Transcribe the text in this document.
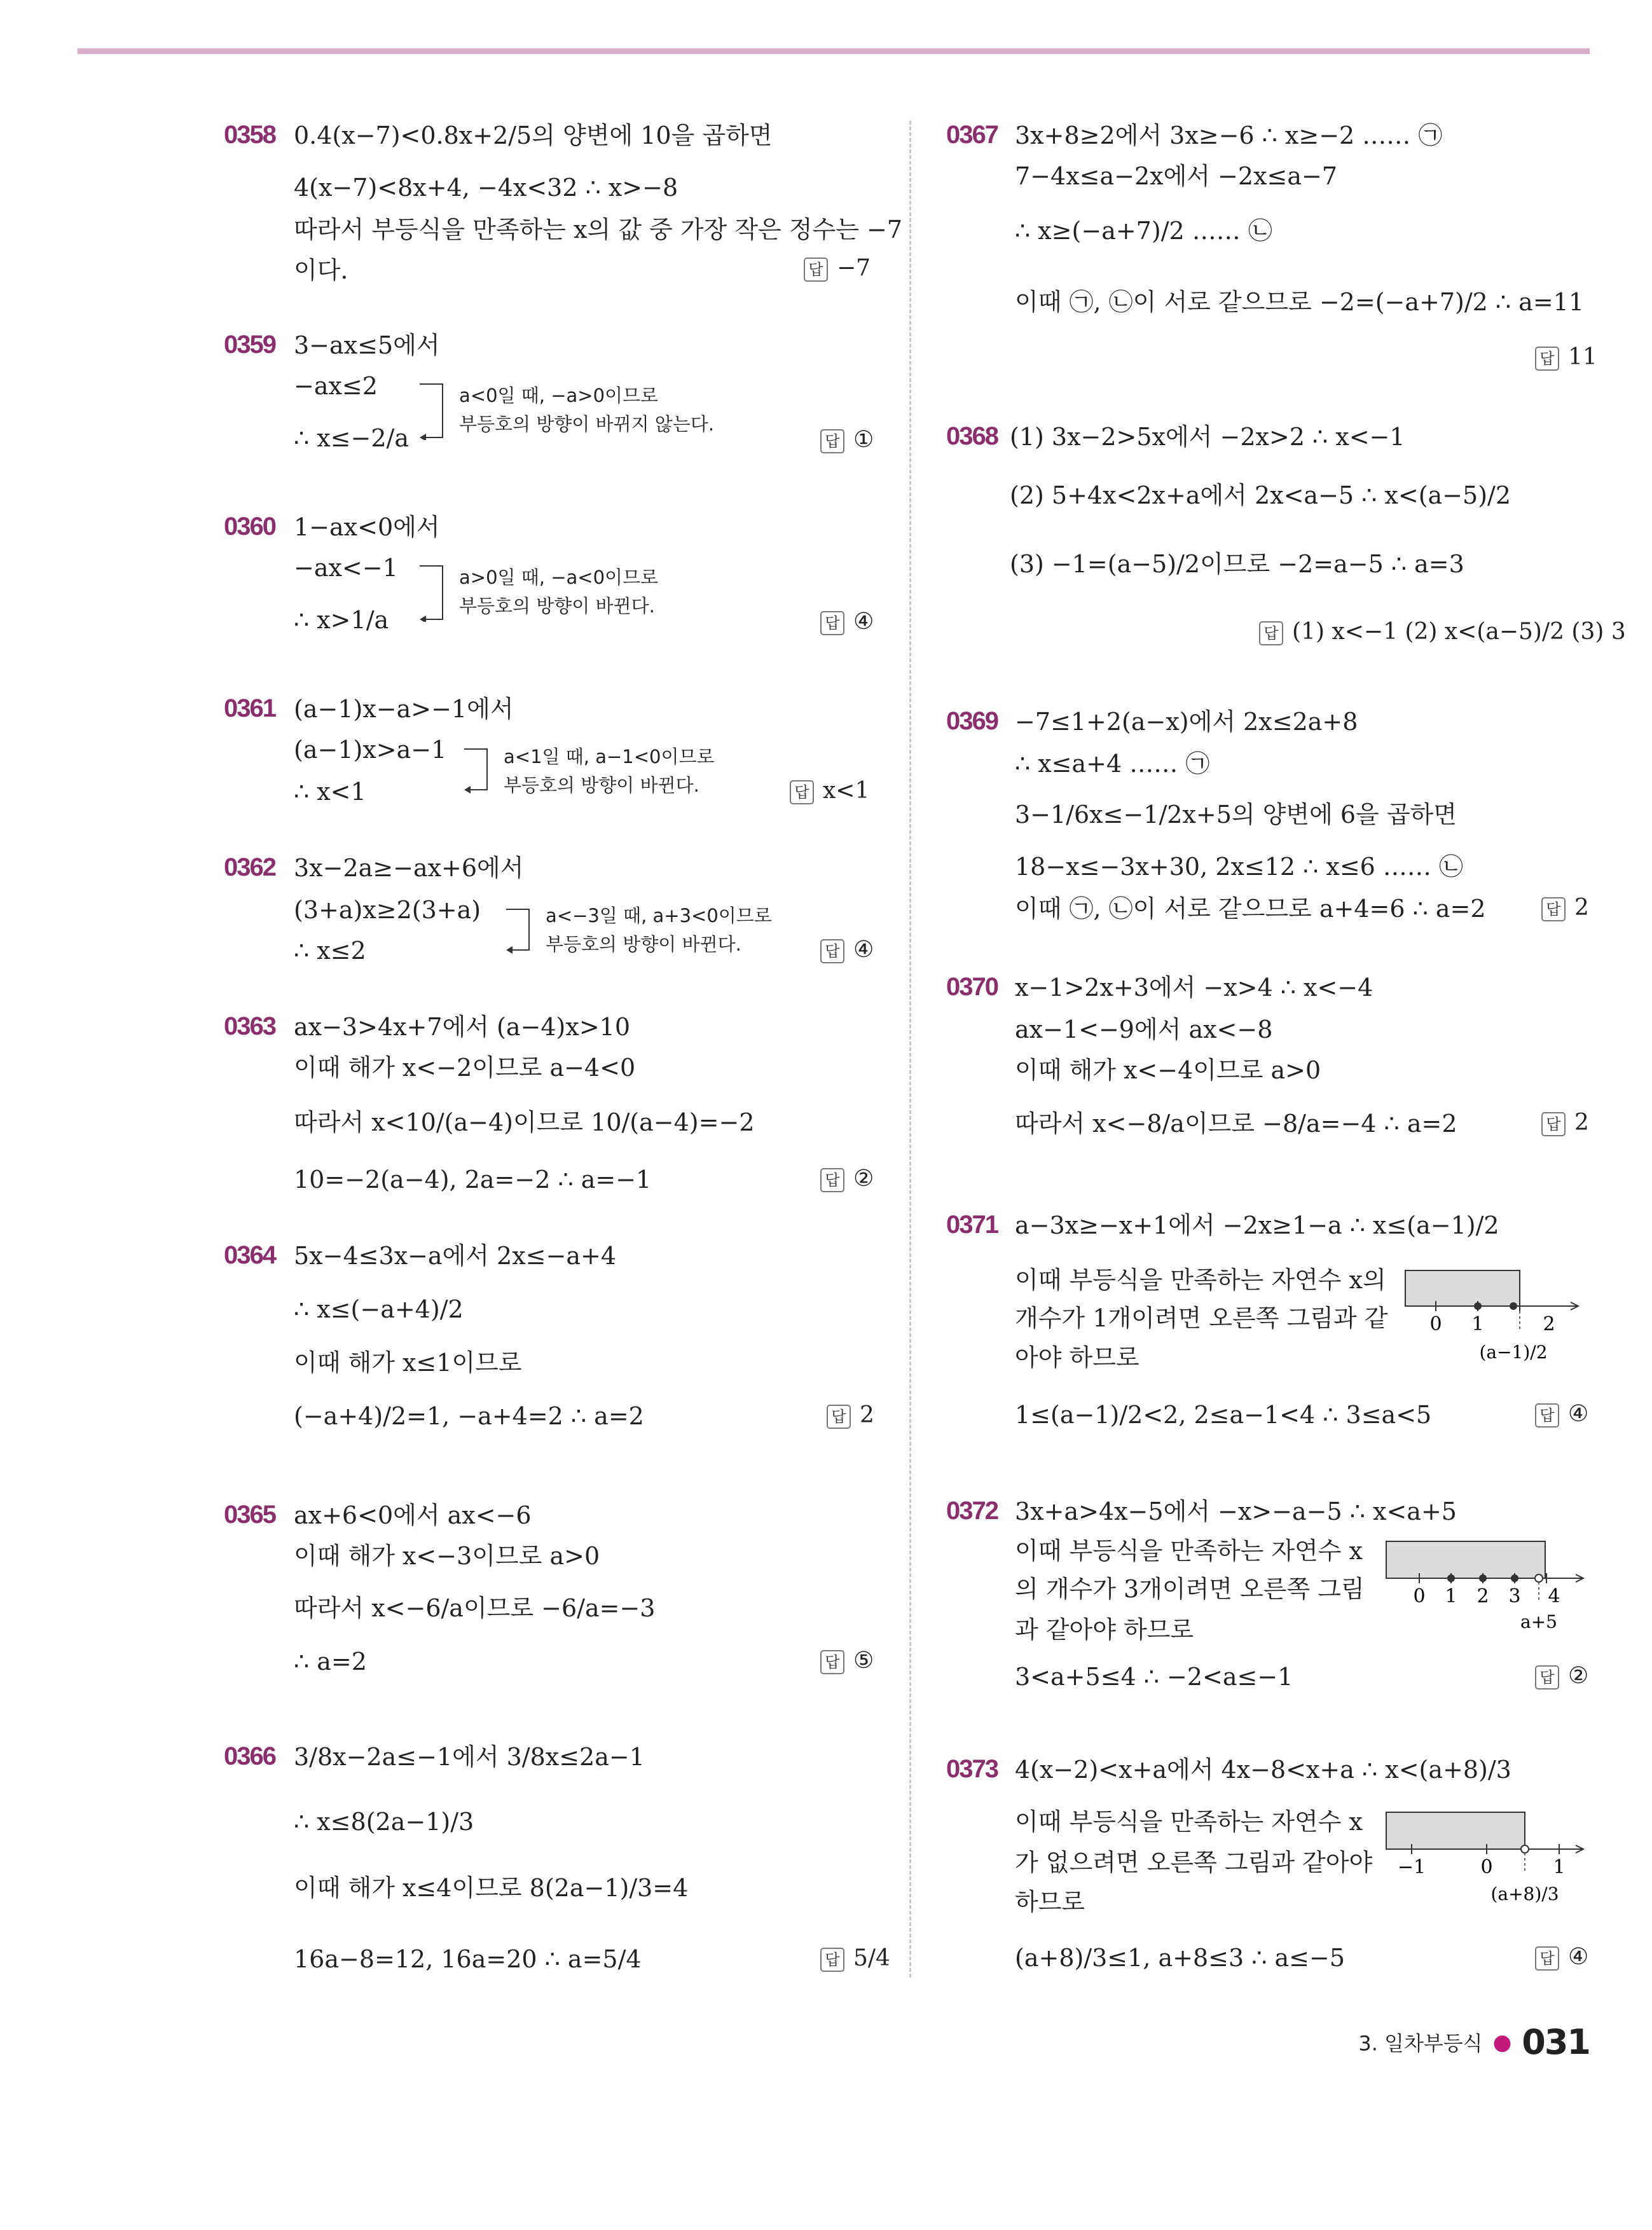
0358 0.4(x−7)<0.8x+2/5의 양변에 10을 곱하면
4(x−7)<8x+4, −4x<32 ∴ x>−8
따라서 부등식을 만족하는 x의 값 중 가장 작은 정수는 −7
이다.	답 −7
0359 3−ax≤5에서
−ax≤2
∴ x≤−2/a
a<0일 때, −a>0이므로
부등호의 방향이 바뀌지 않는다.
답 ①
0360 1−ax<0에서
−ax<−1
∴ x>1/a
a>0일 때, −a<0이므로
부등호의 방향이 바뀐다.
답 ④
0361 (a−1)x−a>−1에서
(a−1)x>a−1
∴ x<1
a<1일 때, a−1<0이므로
부등호의 방향이 바뀐다.	답 x<1
0362 3x−2a≥−ax+6에서
(3+a)x≥2(3+a)
∴ x≤2
a<−3일 때, a+3<0이므로
부등호의 방향이 바뀐다.	답 ④
0363 ax−3>4x+7에서 (a−4)x>10
이때 해가 x<−2이므로 a−4<0
따라서 x<10/(a−4)이므로 10/(a−4)=−2
10=−2(a−4), 2a=−2 ∴ a=−1	답 ②
0364 5x−4≤3x−a에서 2x≤−a+4
∴ x≤(−a+4)/2
이때 해가 x≤1이므로
(−a+4)/2=1, −a+4=2 ∴ a=2	답 2
0365 ax+6<0에서 ax<−6
이때 해가 x<−3이므로 a>0
따라서 x<−6/a이므로 −6/a=−3
∴ a=2	답 ⑤
0366 3/8x−2a≤−1에서 3/8x≤2a−1
∴ x≤8(2a−1)/3
이때 해가 x≤4이므로 8(2a−1)/3=4
16a−8=12, 16a=20 ∴ a=5/4	답 5/4
0367 3x+8≥2에서 3x≥−6 ∴ x≥−2 …… ㉠
7−4x≤a−2x에서 −2x≤a−7
∴ x≥(−a+7)/2 …… ㉡
이때 ㉠, ㉡이 서로 같으므로 −2=(−a+7)/2 ∴ a=11
답 11
0368 (1) 3x−2>5x에서 −2x>2 ∴ x<−1
(2) 5+4x<2x+a에서 2x<a−5 ∴ x<(a−5)/2
(3) −1=(a−5)/2이므로 −2=a−5 ∴ a=3
답 (1) x<−1 (2) x<(a−5)/2 (3) 3
0369 −7≤1+2(a−x)에서 2x≤2a+8
∴ x≤a+4 …… ㉠
3−1/6x≤−1/2x+5의 양변에 6을 곱하면
18−x≤−3x+30, 2x≤12 ∴ x≤6 …… ㉡
이때 ㉠, ㉡이 서로 같으므로 a+4=6 ∴ a=2	답 2
0370 x−1>2x+3에서 −x>4 ∴ x<−4
ax−1<−9에서 ax<−8
이때 해가 x<−4이므로 a>0
따라서 x<−8/a이므로 −8/a=−4 ∴ a=2	답 2
0371 a−3x≥−x+1에서 −2x≥1−a ∴ x≤(a−1)/2
이때 부등식을 만족하는 자연수 x의
개수가 1개이려면 오른쪽 그림과 같
아야 하므로
1≤(a−1)/2<2, 2≤a−1<4 ∴ 3≤a<5
0 1	2
(a−1)/2
답 ④
0372 3x+a>4x−5에서 −x>−a−5 ∴ x<a+5
이때 부등식을 만족하는 자연수 x
의 개수가 3개이려면 오른쪽 그림
과 같아야 하므로
3<a+5≤4 ∴ −2<a≤−1
0 1 2 3 4
a+5
답 ②
0373 4(x−2)<x+a에서 4x−8<x+a ∴ x<(a+8)/3
이때 부등식을 만족하는 자연수 x
가 없으려면 오른쪽 그림과 같아야
하므로
(a+8)/3≤1, a+8≤3 ∴ a≤−5
−1	0	1
(a+8)/3
답 ④
3. 일차부등식 ● 031
